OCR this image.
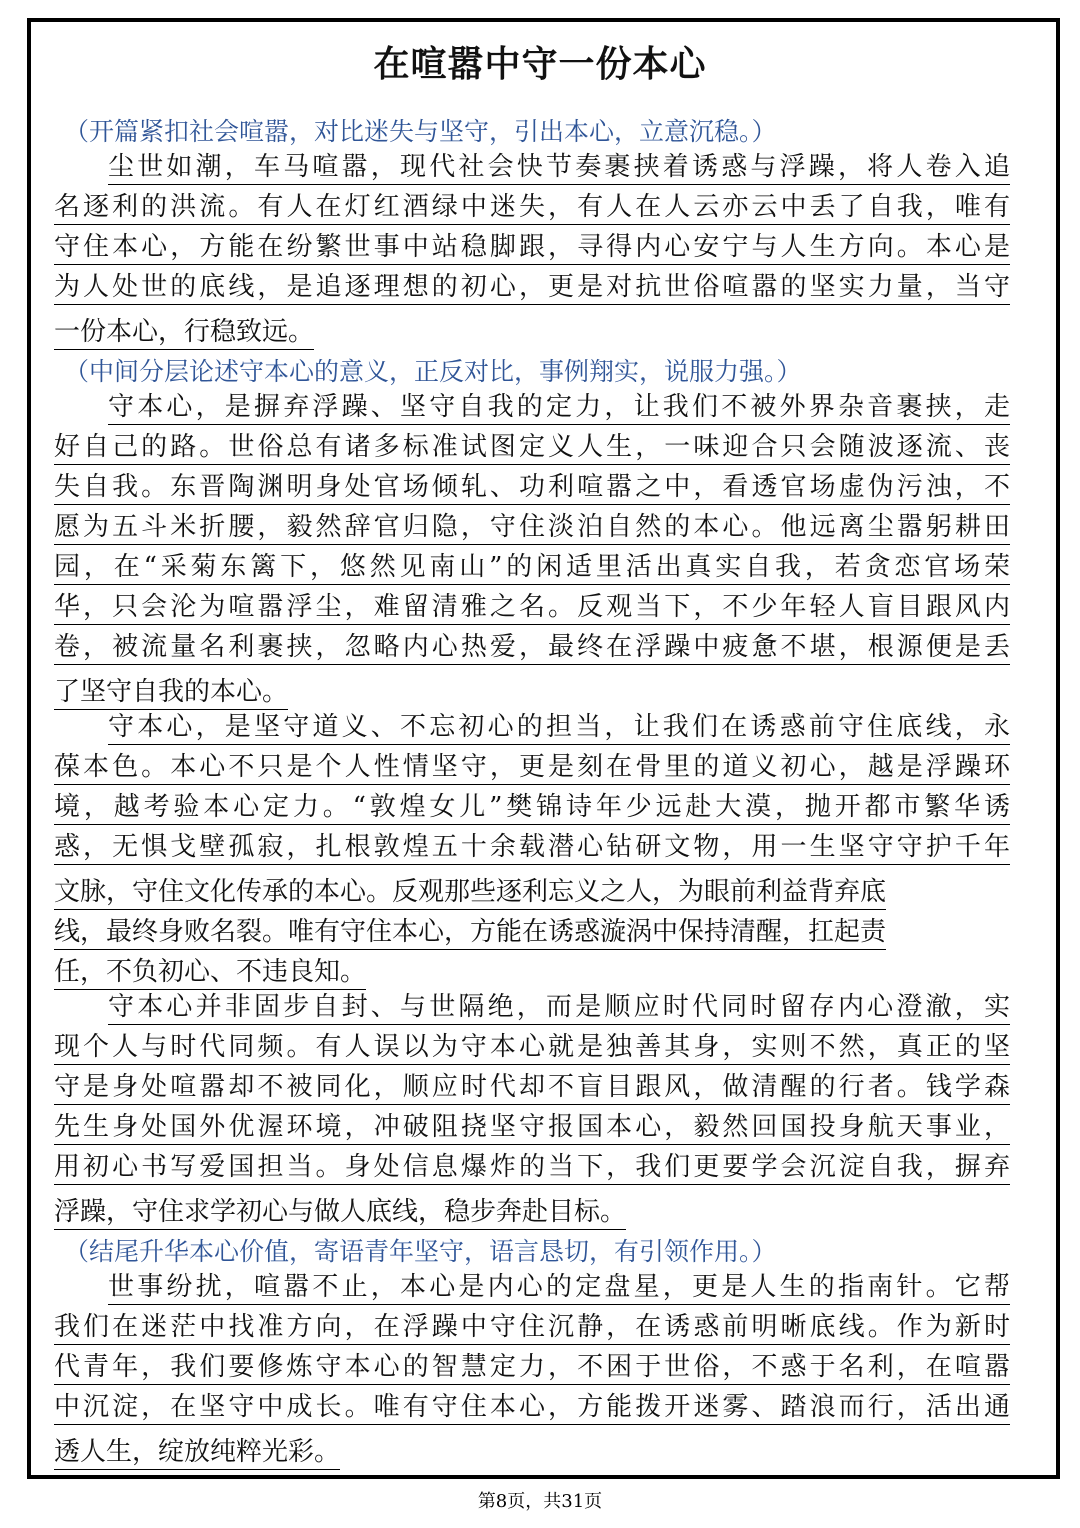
在喧嚣中守一份本心
（开篇紧扣社会喧嚣，对比迷失与坚守，引出本心，立意沉稳。）
尘世如潮，车马喧嚣，现代社会快节奏裹挟着诱惑与浮躁，将人卷入追
名逐利的洪流。有人在灯红酒绿中迷失，有人在人云亦云中丢了自我，唯有
守住本心，方能在纷繁世事中站稳脚跟，寻得内心安宁与人生方向。本心是
为人处世的底线，是追逐理想的初心，更是对抗世俗喧嚣的坚实力量，当守
一份本心，行稳致远。
（中间分层论述守本心的意义，正反对比，事例翔实，说服力强。）
守本心，是摒弃浮躁、坚守自我的定力，让我们不被外界杂音裹挟，走
好自己的路。世俗总有诸多标准试图定义人生，一味迎合只会随波逐流、丧
失自我。东晋陶渊明身处官场倾轧、功利喧嚣之中，看透官场虚伪污浊，不
愿为五斗米折腰，毅然辞官归隐，守住淡泊自然的本心。他远离尘嚣躬耕田
园，在“采菊东篱下，悠然见南山”的闲适里活出真实自我，若贪恋官场荣
华，只会沦为喧嚣浮尘，难留清雅之名。反观当下，不少年轻人盲目跟风内
卷，被流量名利裹挟，忽略内心热爱，最终在浮躁中疲惫不堪，根源便是丢
了坚守自我的本心。
守本心，是坚守道义、不忘初心的担当，让我们在诱惑前守住底线，永
葆本色。本心不只是个人性情坚守，更是刻在骨里的道义初心，越是浮躁环
境，越考验本心定力。“敦煌女儿”樊锦诗年少远赴大漠，抛开都市繁华诱
惑，无惧戈壁孤寂，扎根敦煌五十余载潜心钻研文物，用一生坚守守护千年
文脉，守住文化传承的本心。反观那些逐利忘义之人，为眼前利益背弃底
线，最终身败名裂。唯有守住本心，方能在诱惑漩涡中保持清醒，扛起责
任，不负初心、不违良知。
守本心并非固步自封、与世隔绝，而是顺应时代同时留存内心澄澈，实
现个人与时代同频。有人误以为守本心就是独善其身，实则不然，真正的坚
守是身处喧嚣却不被同化，顺应时代却不盲目跟风，做清醒的行者。钱学森
先生身处国外优渥环境，冲破阻挠坚守报国本心，毅然回国投身航天事业，
用初心书写爱国担当。身处信息爆炸的当下，我们更要学会沉淀自我，摒弃
浮躁，守住求学初心与做人底线，稳步奔赴目标。
（结尾升华本心价值，寄语青年坚守，语言恳切，有引领作用。）
世事纷扰，喧嚣不止，本心是内心的定盘星，更是人生的指南针。它帮
我们在迷茫中找准方向，在浮躁中守住沉静，在诱惑前明晰底线。作为新时
代青年，我们要修炼守本心的智慧定力，不困于世俗，不惑于名利，在喧嚣
中沉淀，在坚守中成长。唯有守住本心，方能拨开迷雾、踏浪而行，活出通
透人生，绽放纯粹光彩。
第8页，共31页
